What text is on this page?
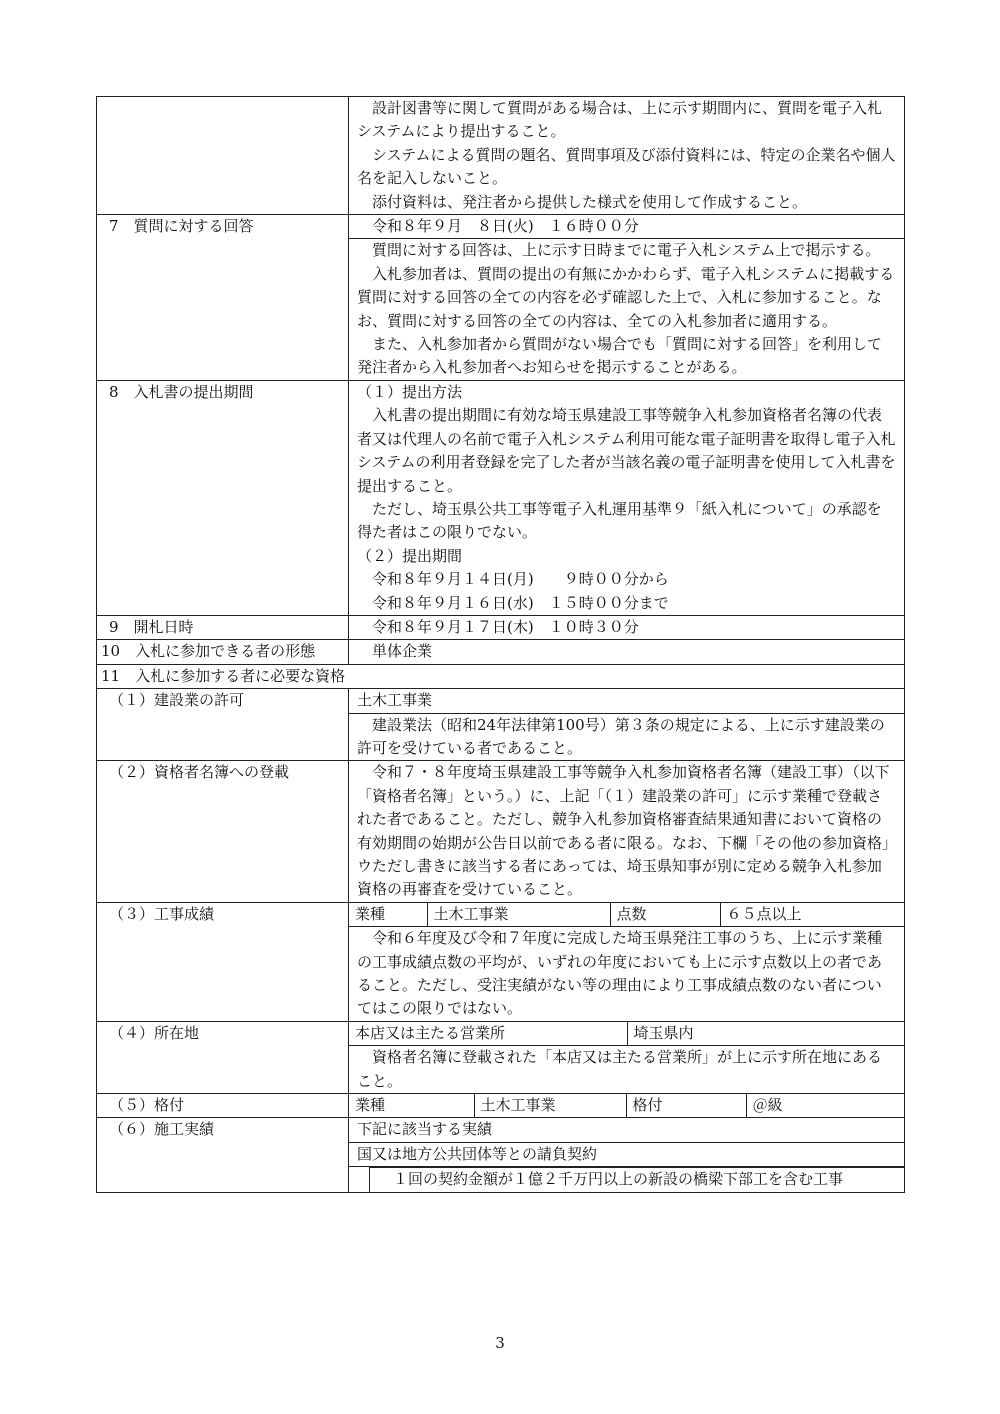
設計図書等に関して質問がある場合は、上に示す期間内に、質問を電子入札システムにより提出すること。

システムによる質問の題名、質問事項及び添付資料には、特定の企業名や個人名を記入しないこと。

添付資料は、発注者から提供した様式を使用して作成すること。

7　質問に対する回答	令和８年９月　８日(火)　１６時００分

質問に対する回答は、上に示す日時までに電子入札システム上で掲示する。

入札参加者は、質問の提出の有無にかかわらず、電子入札システムに掲載する質問に対する回答の全ての内容を必ず確認した上で、入札に参加すること。なお、質問に対する回答の全ての内容は、全ての入札参加者に適用する。

また、入札参加者から質問がない場合でも「質問に対する回答」を利用して発注者から入札参加者へお知らせを掲示することがある。

8　入札書の提出期間	（１）提出方法

入札書の提出期間に有効な埼玉県建設工事等競争入札参加資格者名簿の代表者又は代理人の名前で電子入札システム利用可能な電子証明書を取得し電子入札システムの利用者登録を完了した者が当該名義の電子証明書を使用して入札書を提出すること。

ただし、埼玉県公共工事等電子入札運用基準９「紙入札について」の承認を得た者はこの限りでない。

（２）提出期間

令和８年９月１４日(月)　　９時００分から

令和８年９月１６日(水)　１５時００分まで

9　開札日時	令和８年９月１７日(木)　１０時３０分

10　入札に参加できる者の形態	単体企業

11　入札に参加する者に必要な資格
（１）建設業の許可	土木工事業

建設業法（昭和24年法律第100号）第３条の規定による、上に示す建設業の許可を受けている者であること。

（２）資格者名簿への登載	令和７・８年度埼玉県建設工事等競争入札参加資格者名簿（建設工事）（以下「資格者名簿」という。）に、上記「（１）建設業の許可」に示す業種で登載された者であること。ただし、競争入札参加資格審査結果通知書において資格の有効期間の始期が公告日以前である者に限る。なお、下欄「その他の参加資格」ウただし書きに該当する者にあっては、埼玉県知事が別に定める競争入札参加資格の再審査を受けていること。

（３）工事成績		業種	土木工事業	点数	６５点以上

令和６年度及び令和７年度に完成した埼玉県発注工事のうち、上に示す業種の工事成績点数の平均が、いずれの年度においても上に示す点数以上の者であること。ただし、受注実績がない等の理由により工事成績点数のない者についてはこの限りではない。

（４）所在地		本店又は主たる営業所	埼玉県内

資格者名簿に登載された「本店又は主たる営業所」が上に示す所在地にあること。

（５）格付		業種	土木工事業	格付	＠級

（６）施工実績	下記に該当する実績
国又は地方公共団体等との請負契約

１回の契約金額が１億２千万円以上の新設の橋梁下部工を含む工事

3
